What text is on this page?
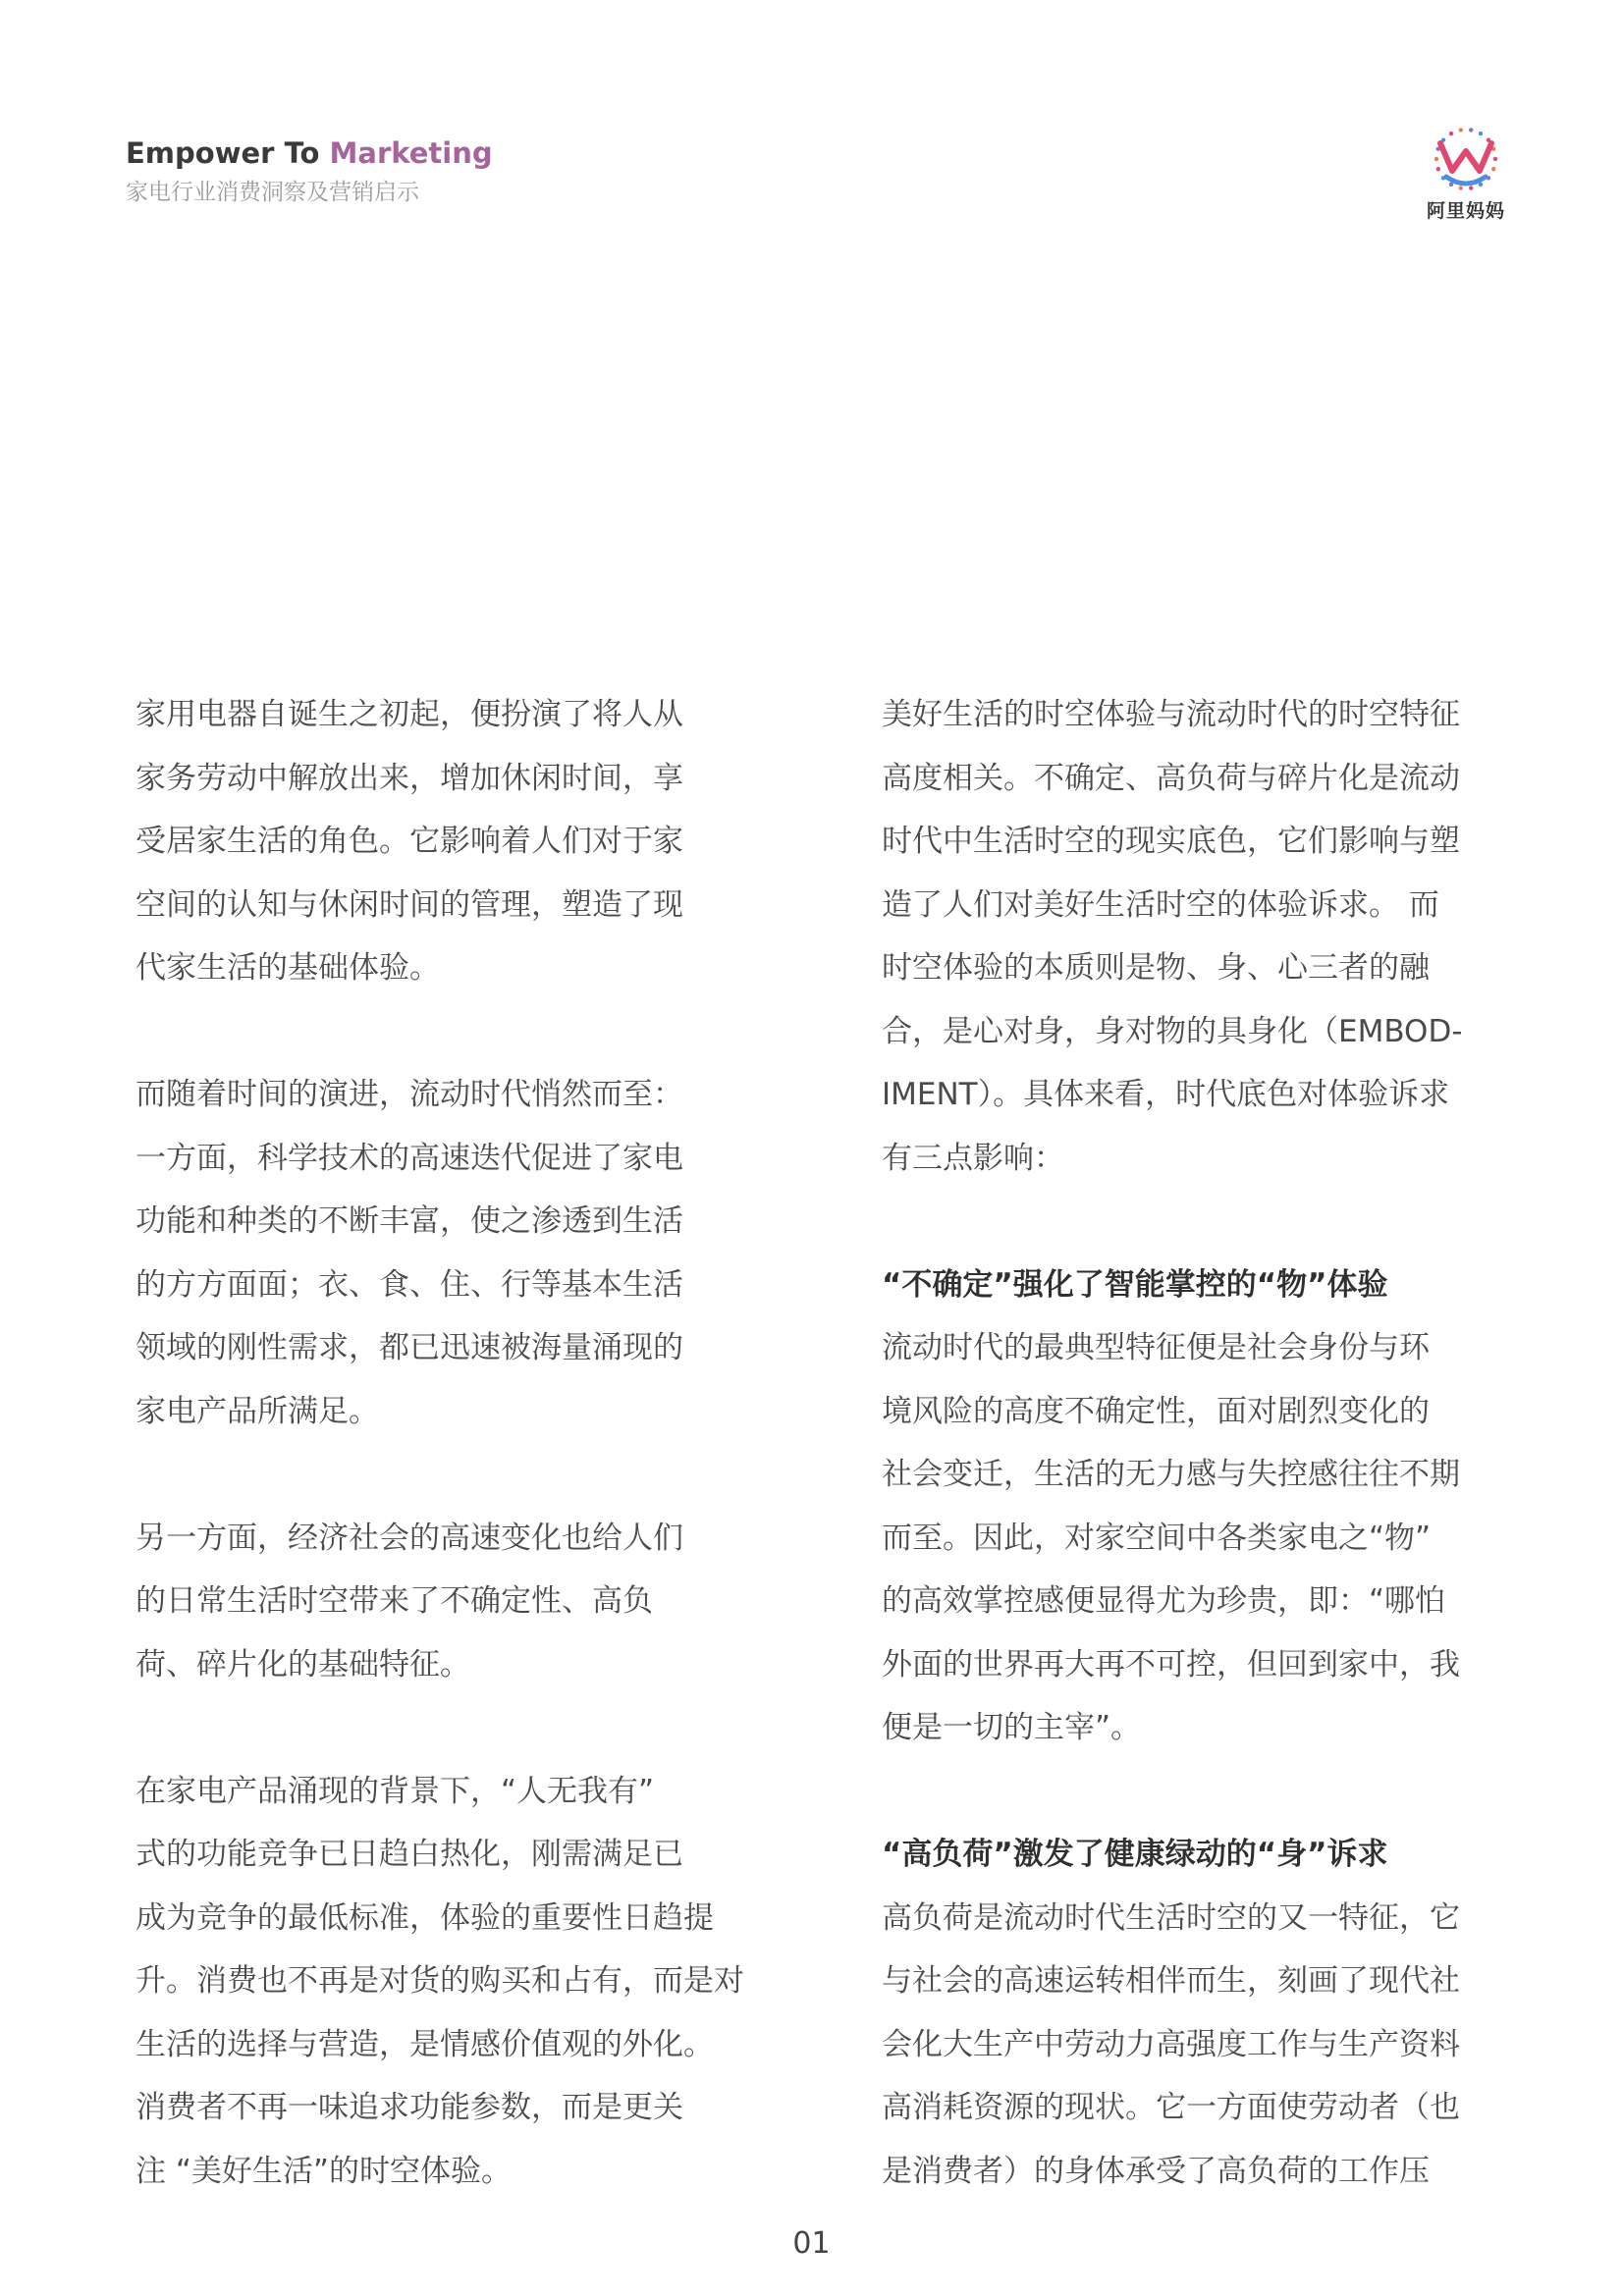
Empower To Marketing
家电行业消费洞察及营销启示
阿里妈妈

家用电器自诞生之初起，便扮演了将人从
家务劳动中解放出来，增加休闲时间，享
受居家生活的角色。它影响着人们对于家
空间的认知与休闲时间的管理，塑造了现
代家生活的基础体验。

而随着时间的演进，流动时代悄然而至：
一方面，科学技术的高速迭代促进了家电
功能和种类的不断丰富，使之渗透到生活
的方方面面；衣、食、住、行等基本生活
领域的刚性需求，都已迅速被海量涌现的
家电产品所满足。

另一方面，经济社会的高速变化也给人们
的日常生活时空带来了不确定性、高负
荷、碎片化的基础特征。

在家电产品涌现的背景下，“人无我有”
式的功能竞争已日趋白热化，刚需满足已
成为竞争的最低标准，体验的重要性日趋提
升。消费也不再是对货的购买和占有，而是对
生活的选择与营造，是情感价值观的外化。
消费者不再一味追求功能参数，而是更关
注 “美好生活”的时空体验。

美好生活的时空体验与流动时代的时空特征
高度相关。不确定、高负荷与碎片化是流动
时代中生活时空的现实底色，它们影响与塑
造了人们对美好生活时空的体验诉求。 而
时空体验的本质则是物、身、心三者的融
合，是心对身，身对物的具身化（EMBOD-
IMENT）。具体来看，时代底色对体验诉求
有三点影响：

“不确定”强化了智能掌控的“物”体验

流动时代的最典型特征便是社会身份与环
境风险的高度不确定性，面对剧烈变化的
社会变迁，生活的无力感与失控感往往不期
而至。因此，对家空间中各类家电之“物”
的高效掌控感便显得尤为珍贵，即：“哪怕
外面的世界再大再不可控，但回到家中，我
便是一切的主宰”。

“高负荷”激发了健康绿动的“身”诉求

高负荷是流动时代生活时空的又一特征，它
与社会的高速运转相伴而生，刻画了现代社
会化大生产中劳动力高强度工作与生产资料
高消耗资源的现状。它一方面使劳动者（也
是消费者）的身体承受了高负荷的工作压

01
